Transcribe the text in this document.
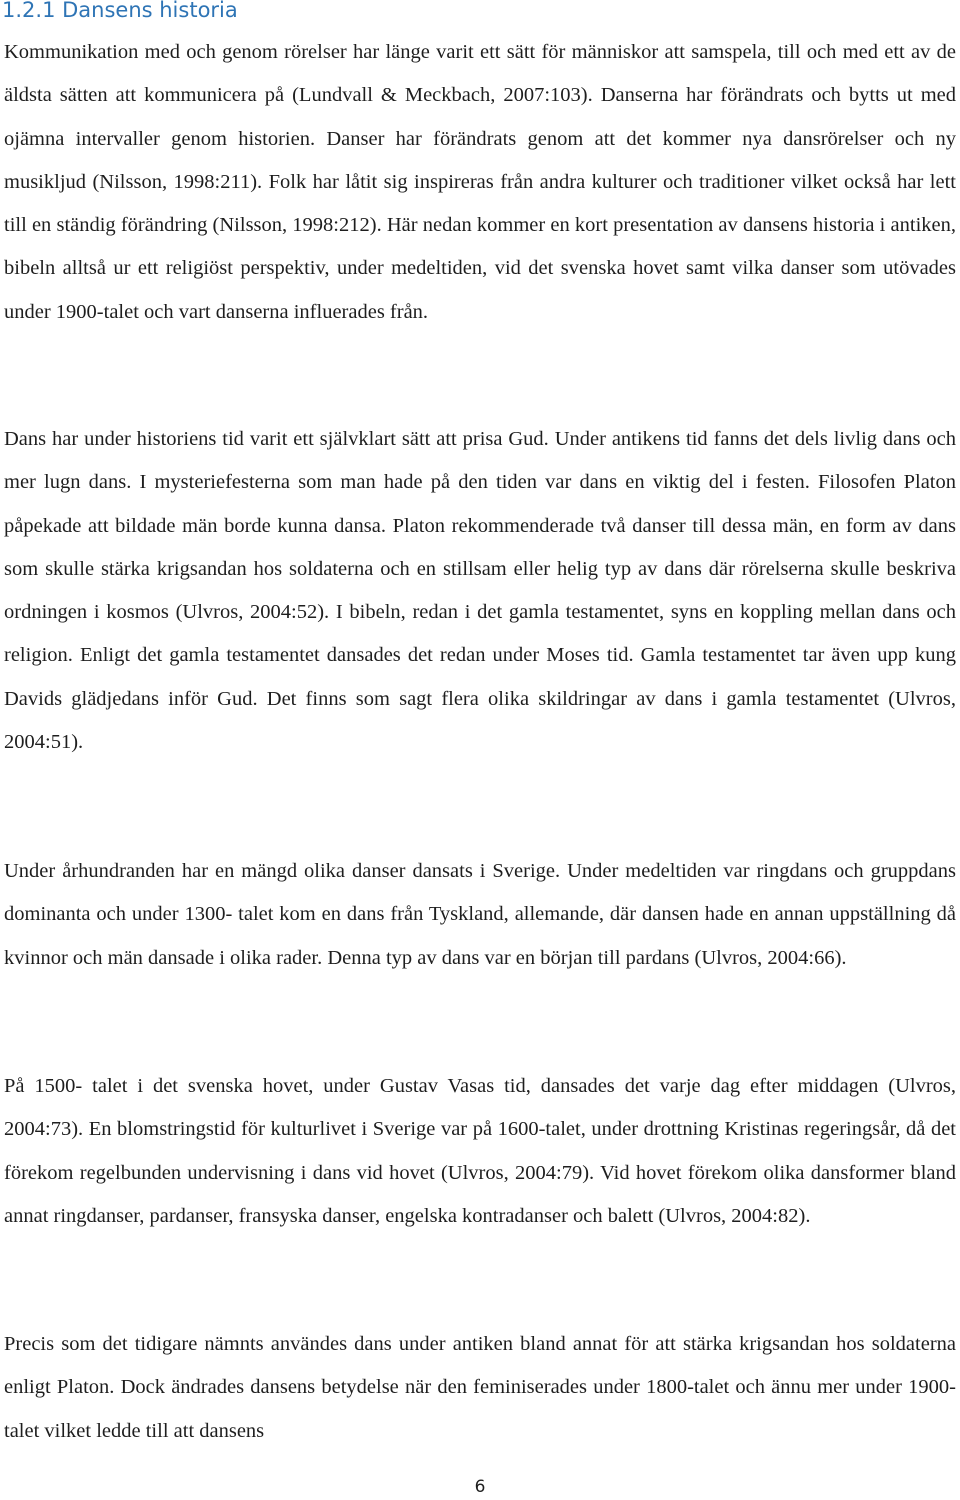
1.2.1 Dansens historia

Kommunikation med och genom rörelser har länge varit ett sätt för människor att samspela, till och med ett av de äldsta sätten att kommunicera på (Lundvall & Meckbach, 2007:103). Danserna har förändrats och bytts ut med ojämna intervaller genom historien. Danser har förändrats genom att det kommer nya dansrörelser och ny musikljud (Nilsson, 1998:211). Folk har låtit sig inspireras från andra kulturer och traditioner vilket också har lett till en ständig förändring (Nilsson, 1998:212). Här nedan kommer en kort presentation av dansens historia i antiken, bibeln alltså ur ett religiöst perspektiv, under medeltiden, vid det svenska hovet samt vilka danser som utövades under 1900-talet och vart danserna influerades från.

Dans har under historiens tid varit ett självklart sätt att prisa Gud. Under antikens tid fanns det dels livlig dans och mer lugn dans. I mysteriefesterna som man hade på den tiden var dans en viktig del i festen. Filosofen Platon påpekade att bildade män borde kunna dansa. Platon rekommenderade två danser till dessa män, en form av dans som skulle stärka krigsandan hos soldaterna och en stillsam eller helig typ av dans där rörelserna skulle beskriva ordningen i kosmos (Ulvros, 2004:52). I bibeln, redan i det gamla testamentet, syns en koppling mellan dans och religion. Enligt det gamla testamentet dansades det redan under Moses tid. Gamla testamentet tar även upp kung Davids glädjedans inför Gud. Det finns som sagt flera olika skildringar av dans i gamla testamentet (Ulvros, 2004:51).

Under århundranden har en mängd olika danser dansats i Sverige. Under medeltiden var ringdans och gruppdans dominanta och under 1300- talet kom en dans från Tyskland, allemande, där dansen hade en annan uppställning då kvinnor och män dansade i olika rader. Denna typ av dans var en början till pardans (Ulvros, 2004:66).

På 1500- talet i det svenska hovet, under Gustav Vasas tid, dansades det varje dag efter middagen (Ulvros, 2004:73). En blomstringstid för kulturlivet i Sverige var på 1600-talet, under drottning Kristinas regeringsår, då det förekom regelbunden undervisning i dans vid hovet (Ulvros, 2004:79). Vid hovet förekom olika dansformer bland annat ringdanser, pardanser, fransyska danser, engelska kontradanser och balett (Ulvros, 2004:82).

Precis som det tidigare nämnts användes dans under antiken bland annat för att stärka krigsandan hos soldaterna enligt Platon. Dock ändrades dansens betydelse när den feminiserades under 1800-talet och ännu mer under 1900-talet vilket ledde till att dansens

6
